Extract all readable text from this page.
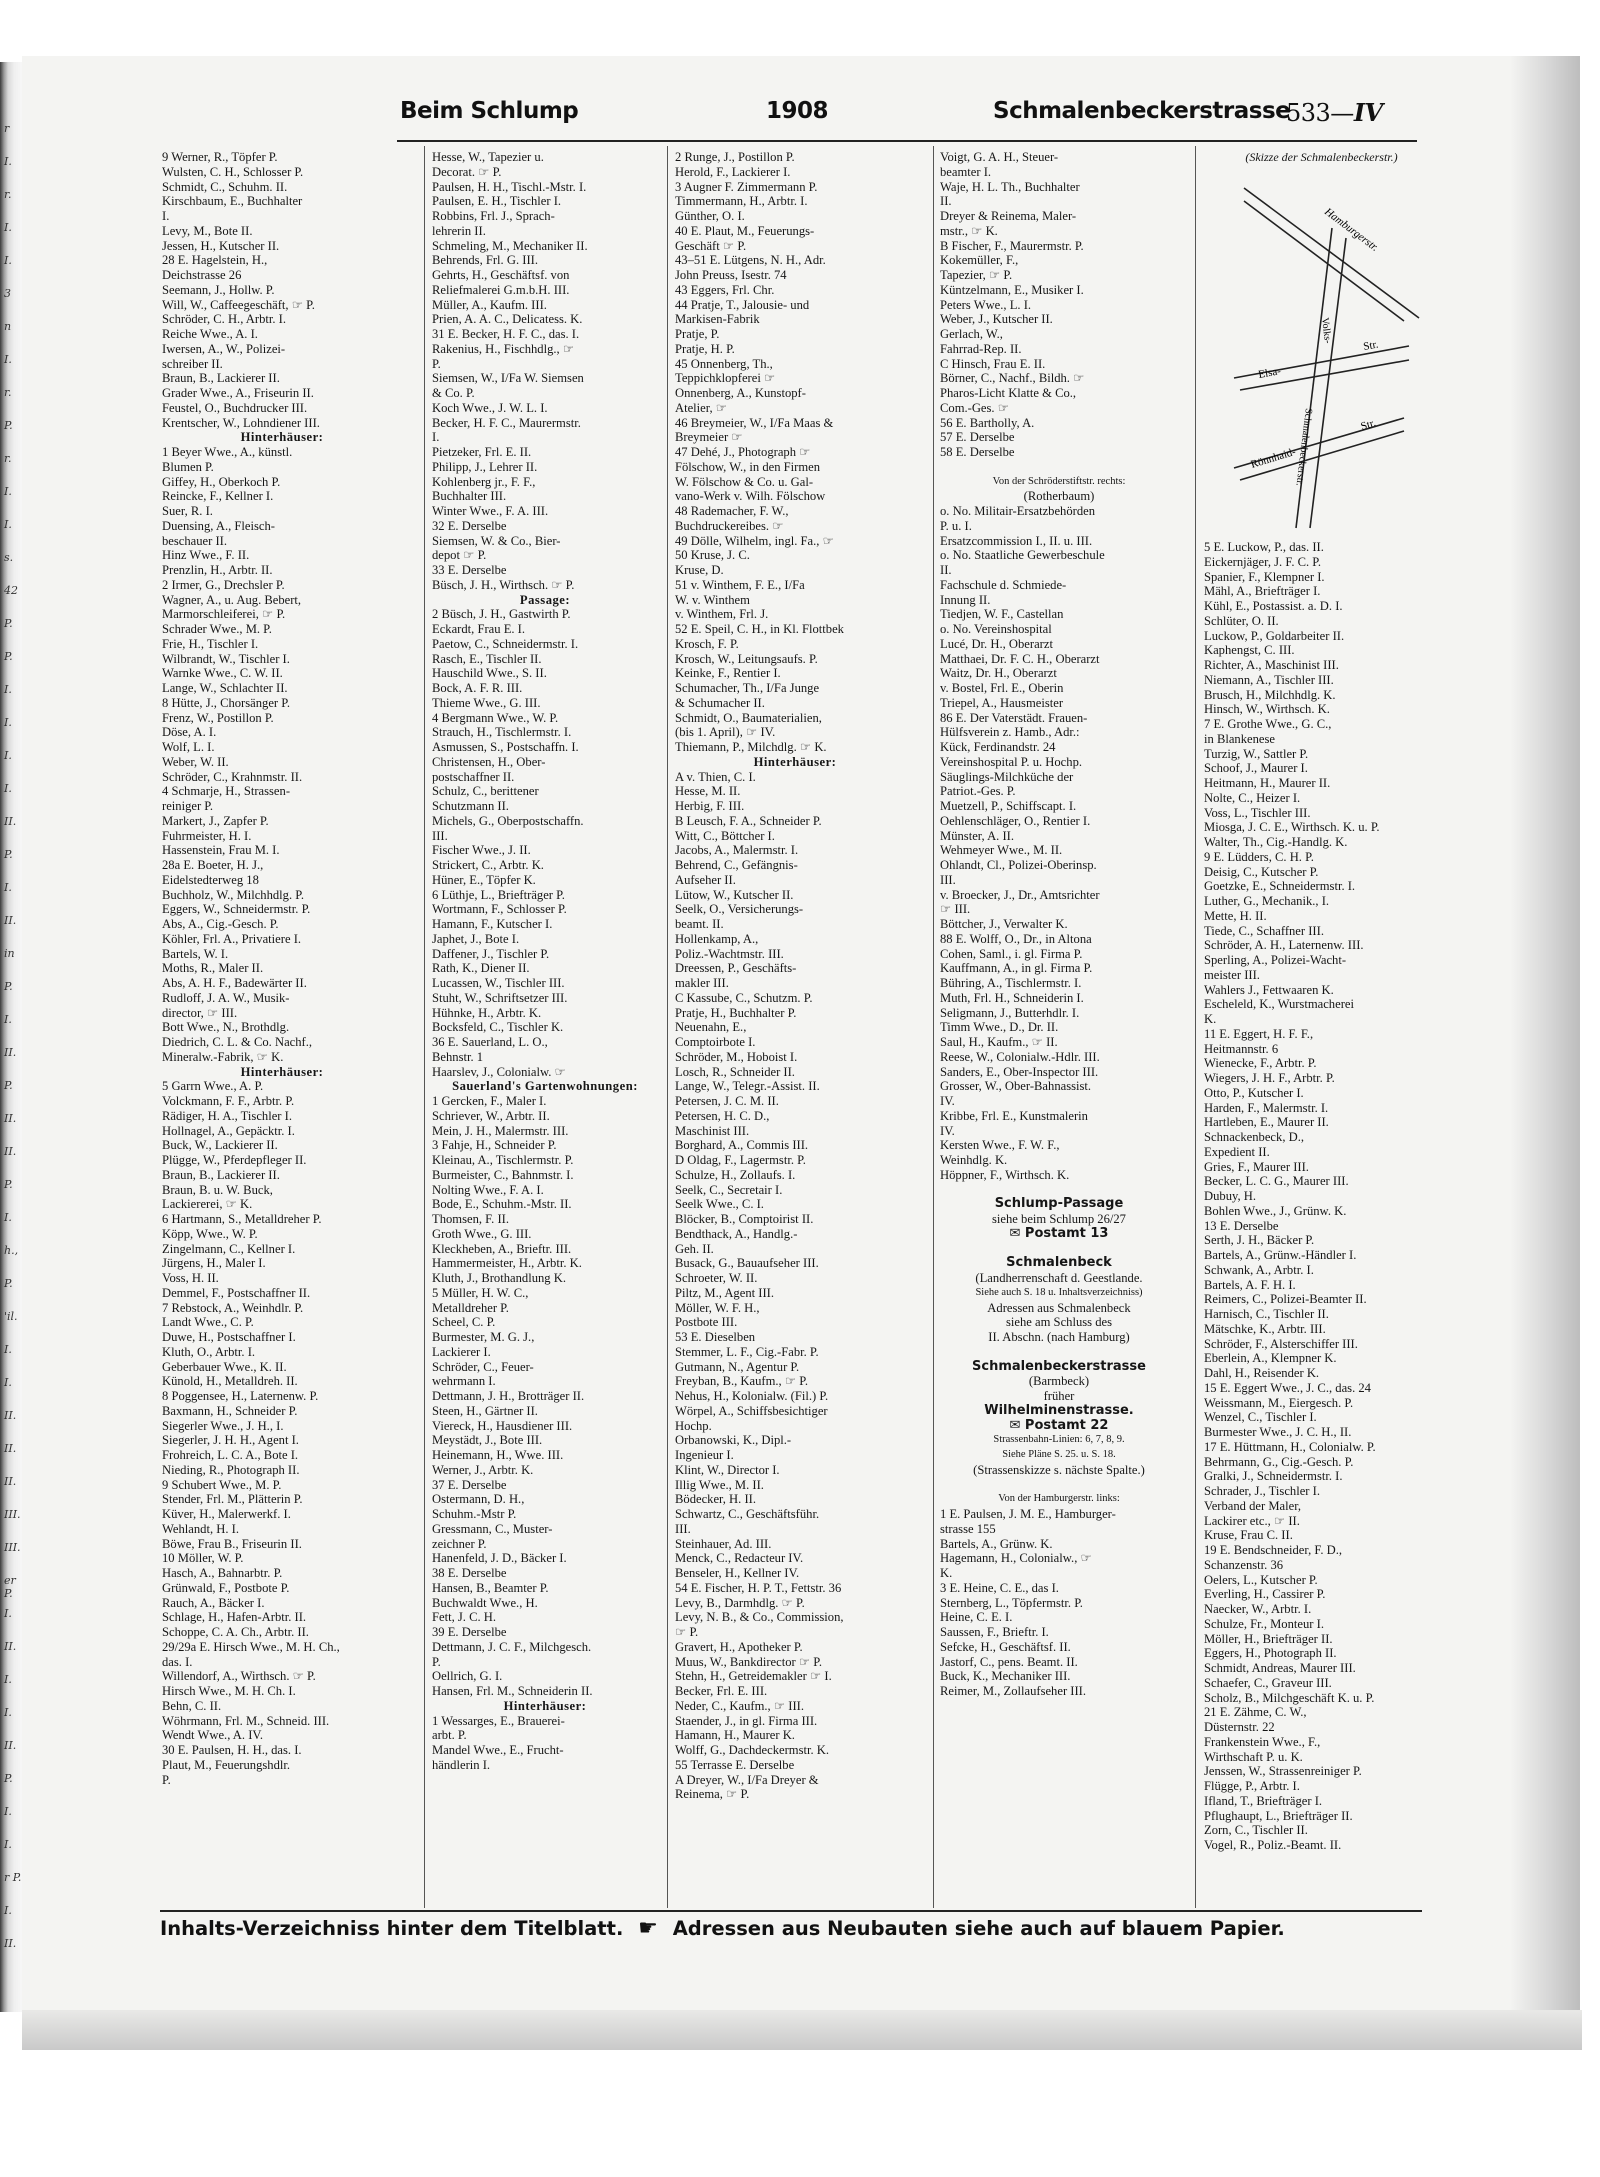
r
I.
r.
I.
I.
3
n
I.
r.
P.
r.
I.
I.
s.
42
P.
P.
I.
I.
I.
I.
II.
P.
I.
II.
in
P.
I.
II.
P.
II.
II.
P.
I.
h.,
P.
'il.
I.
I.
II.
II.
II.
III.
III.
er P.
I.
II.
I.
I.
II.
P.
I.
I.
r P.
I.
II.
Beim Schlump	1908	Schmalenbeckerstrasse
533—IV
9 Werner, R., Töpfer P.
Wulsten, C. H., Schlosser P.
Schmidt, C., Schuhm. II.
Kirschbaum, E., Buchhalter
I.
Levy, M., Bote II.
Jessen, H., Kutscher II.
28 E. Hagelstein, H.,
Deichstrasse 26
Seemann, J., Hollw. P.
Will, W., Caffeegeschäft, ☞ P.
Schröder, C. H., Arbtr. I.
Reiche Wwe., A. I.
Iwersen, A., W., Polizei-
schreiber II.
Braun, B., Lackierer II.
Grader Wwe., A., Friseurin II.
Feustel, O., Buchdrucker III.
Krentscher, W., Lohndiener III.
Hinterhäuser:
1 Beyer Wwe., A., künstl.
Blumen P.
Giffey, H., Oberkoch P.
Reincke, F., Kellner I.
Suer, R. I.
Duensing, A., Fleisch-
beschauer II.
Hinz Wwe., F. II.
Prenzlin, H., Arbtr. II.
2 Irmer, G., Drechsler P.
Wagner, A., u. Aug. Bebert,
Marmorschleiferei, ☞ P.
Schrader Wwe., M. P.
Frie, H., Tischler I.
Wilbrandt, W., Tischler I.
Warnke Wwe., C. W. II.
Lange, W., Schlachter II.
8 Hütte, J., Chorsänger P.
Frenz, W., Postillon P.
Döse, A. I.
Wolf, L. I.
Weber, W. II.
Schröder, C., Krahnmstr. II.
4 Schmarje, H., Strassen-
reiniger P.
Markert, J., Zapfer P.
Fuhrmeister, H. I.
Hassenstein, Frau M. I.
28a E. Boeter, H. J.,
Eidelstedterweg 18
Buchholz, W., Milchhdlg. P.
Eggers, W., Schneidermstr. P.
Abs, A., Cig.-Gesch. P.
Köhler, Frl. A., Privatiere I.
Bartels, W. I.
Moths, R., Maler II.
Abs, A. H. F., Badewärter II.
Rudloff, J. A. W., Musik-
director, ☞ III.
Bott Wwe., N., Brothdlg.
Diedrich, C. L. & Co. Nachf.,
Mineralw.-Fabrik, ☞ K.
Hinterhäuser:
5 Garrn Wwe., A. P.
Volckmann, F. F., Arbtr. P.
Rädiger, H. A., Tischler I.
Hollnagel, A., Gepäcktr. I.
Buck, W., Lackierer II.
Plügge, W., Pferdepfleger II.
Braun, B., Lackierer II.
Braun, B. u. W. Buck,
Lackiererei, ☞ K.
6 Hartmann, S., Metalldreher P.
Köpp, Wwe., W. P.
Zingelmann, C., Kellner I.
Jürgens, H., Maler I.
Voss, H. II.
Demmel, F., Postschaffner II.
7 Rebstock, A., Weinhdlr. P.
Landt Wwe., C. P.
Duwe, H., Postschaffner I.
Kluth, O., Arbtr. I.
Geberbauer Wwe., K. II.
Künold, H., Metalldreh. II.
8 Poggensee, H., Laternenw. P.
Baxmann, H., Schneider P.
Siegerler Wwe., J. H., I.
Siegerler, J. H. H., Agent I.
Frohreich, L. C. A., Bote I.
Nieding, R., Photograph II.
9 Schubert Wwe., M. P.
Stender, Frl. M., Plätterin P.
Küver, H., Malerwerkf. I.
Wehlandt, H. I.
Böwe, Frau B., Friseurin II.
10 Möller, W. P.
Hasch, A., Bahnarbtr. P.
Grünwald, F., Postbote P.
Rauch, A., Bäcker I.
Schlage, H., Hafen-Arbtr. II.
Schoppe, C. A. Ch., Arbtr. II.
29/29a E. Hirsch Wwe., M. H. Ch.,
das. I.
Willendorf, A., Wirthsch. ☞ P.
Hirsch Wwe., M. H. Ch. I.
Behn, C. II.
Wöhrmann, Frl. M., Schneid. III.
Wendt Wwe., A. IV.
30 E. Paulsen, H. H., das. I.
Plaut, M., Feuerungshdlr.
P.
Hesse, W., Tapezier u.
Decorat. ☞ P.
Paulsen, H. H., Tischl.-Mstr. I.
Paulsen, E. H., Tischler I.
Robbins, Frl. J., Sprach-
lehrerin II.
Schmeling, M., Mechaniker II.
Behrends, Frl. G. III.
Gehrts, H., Geschäftsf. von
Reliefmalerei G.m.b.H. III.
Müller, A., Kaufm. III.
Prien, A. A. C., Delicatess. K.
31 E. Becker, H. F. C., das. I.
Rakenius, H., Fischhdlg., ☞
P.
Siemsen, W., I/Fa W. Siemsen
& Co. P.
Koch Wwe., J. W. L. I.
Becker, H. F. C., Maurermstr.
I.
Pietzeker, Frl. E. II.
Philipp, J., Lehrer II.
Kohlenberg jr., F. F.,
Buchhalter III.
Winter Wwe., F. A. III.
32 E. Derselbe
Siemsen, W. & Co., Bier-
depot ☞ P.
33 E. Derselbe
Büsch, J. H., Wirthsch. ☞ P.
Passage:
2 Büsch, J. H., Gastwirth P.
Eckardt, Frau E. I.
Paetow, C., Schneidermstr. I.
Rasch, E., Tischler II.
Hauschild Wwe., S. II.
Bock, A. F. R. III.
Thieme Wwe., G. III.
4 Bergmann Wwe., W. P.
Strauch, H., Tischlermstr. I.
Asmussen, S., Postschaffn. I.
Christensen, H., Ober-
postschaffner II.
Schulz, C., berittener
Schutzmann II.
Michels, G., Oberpostschaffn.
III.
Fischer Wwe., J. II.
Strickert, C., Arbtr. K.
Hüner, E., Töpfer K.
6 Lüthje, L., Briefträger P.
Wortmann, F., Schlosser P.
Hamann, F., Kutscher I.
Japhet, J., Bote I.
Daffener, J., Tischler P.
Rath, K., Diener II.
Lucassen, W., Tischler III.
Stuht, W., Schriftsetzer III.
Hühnke, H., Arbtr. K.
Bocksfeld, C., Tischler K.
36 E. Sauerland, L. O.,
Behnstr. 1
Haarslev, J., Colonialw. ☞
Sauerland's Gartenwohnungen:
1 Gercken, F., Maler I.
Schriever, W., Arbtr. II.
Mein, J. H., Malermstr. III.
3 Fahje, H., Schneider P.
Kleinau, A., Tischlermstr. P.
Burmeister, C., Bahnmstr. I.
Nolting Wwe., F. A. I.
Bode, E., Schuhm.-Mstr. II.
Thomsen, F. II.
Groth Wwe., G. III.
Kleckheben, A., Brieftr. III.
Hammermeister, H., Arbtr. K.
Kluth, J., Brothandlung K.
5 Müller, H. W. C.,
Metalldreher P.
Scheel, C. P.
Burmester, M. G. J.,
Lackierer I.
Schröder, C., Feuer-
wehrmann I.
Dettmann, J. H., Brotträger II.
Steen, H., Gärtner II.
Viereck, H., Hausdiener III.
Meystädt, J., Bote III.
Heinemann, H., Wwe. III.
Werner, J., Arbtr. K.
37 E. Derselbe
Ostermann, D. H.,
Schuhm.-Mstr P.
Gressmann, C., Muster-
zeichner P.
Hanenfeld, J. D., Bäcker I.
38 E. Derselbe
Hansen, B., Beamter P.
Buchwaldt Wwe., H.
Fett, J. C. H.
39 E. Derselbe
Dettmann, J. C. F., Milchgesch.
P.
Oellrich, G. I.
Hansen, Frl. M., Schneiderin II.
Hinterhäuser:
1 Wessarges, E., Brauerei-
arbt. P.
Mandel Wwe., E., Frucht-
händlerin I.
2 Runge, J., Postillon P.
Herold, F., Lackierer I.
3 Augner F. Zimmermann P.
Timmermann, H., Arbtr. I.
Günther, O. I.
40 E. Plaut, M., Feuerungs-
Geschäft ☞ P.
43–51 E. Lütgens, N. H., Adr.
John Preuss, Isestr. 74
43 Eggers, Frl. Chr.
44 Pratje, T., Jalousie- und
Markisen-Fabrik
Pratje, P.
Pratje, H. P.
45 Onnenberg, Th.,
Teppichklopferei ☞
Onnenberg, A., Kunstopf-
Atelier, ☞
46 Breymeier, W., I/Fa Maas &
Breymeier ☞
47 Dehé, J., Photograph ☞
Fölschow, W., in den Firmen
W. Fölschow & Co. u. Gal-
vano-Werk v. Wilh. Fölschow
48 Rademacher, F. W.,
Buchdruckereibes. ☞
49 Dölle, Wilhelm, ingl. Fa., ☞
50 Kruse, J. C.
Kruse, D.
51 v. Winthem, F. E., I/Fa
W. v. Winthem
v. Winthem, Frl. J.
52 E. Speil, C. H., in Kl. Flottbek
Krosch, F. P.
Krosch, W., Leitungsaufs. P.
Keinke, F., Rentier I.
Schumacher, Th., I/Fa Junge
& Schumacher II.
Schmidt, O., Baumaterialien,
(bis 1. April), ☞ IV.
Thiemann, P., Milchdlg. ☞ K.
Hinterhäuser:
A v. Thien, C. I.
Hesse, M. II.
Herbig, F. III.
B Leusch, F. A., Schneider P.
Witt, C., Böttcher I.
Jacobs, A., Malermstr. I.
Behrend, C., Gefängnis-
Aufseher II.
Lütow, W., Kutscher II.
Seelk, O., Versicherungs-
beamt. II.
Hollenkamp, A.,
Poliz.-Wachtmstr. III.
Dreessen, P., Geschäfts-
makler III.
C Kassube, C., Schutzm. P.
Pratje, H., Buchhalter P.
Neuenahn, E.,
Comptoirbote I.
Schröder, M., Hoboist I.
Losch, R., Schneider II.
Lange, W., Telegr.-Assist. II.
Petersen, J. C. M. II.
Petersen, H. C. D.,
Maschinist III.
Borghard, A., Commis III.
D Oldag, F., Lagermstr. P.
Schulze, H., Zollaufs. I.
Seelk, C., Secretair I.
Seelk Wwe., C. I.
Blöcker, B., Comptoirist II.
Bendthack, A., Handlg.-
Geh. II.
Busack, G., Bauaufseher III.
Schroeter, W. II.
Piltz, M., Agent III.
Möller, W. F. H.,
Postbote III.
53 E. Dieselben
Stemmer, L. F., Cig.-Fabr. P.
Gutmann, N., Agentur P.
Freyban, B., Kaufm., ☞ P.
Nehus, H., Kolonialw. (Fil.) P.
Wörpel, A., Schiffsbesichtiger
Hochp.
Orbanowski, K., Dipl.-
Ingenieur I.
Klint, W., Director I.
Illig Wwe., M. II.
Bödecker, H. II.
Schwartz, C., Geschäftsführ.
III.
Steinhauer, Ad. III.
Menck, C., Redacteur IV.
Benseler, H., Kellner IV.
54 E. Fischer, H. P. T., Fettstr. 36
Levy, B., Darmhdlg. ☞ P.
Levy, N. B., & Co., Commission,
☞ P.
Gravert, H., Apotheker P.
Muus, W., Bankdirector ☞ P.
Stehn, H., Getreidemakler ☞ I.
Becker, Frl. E. III.
Neder, C., Kaufm., ☞ III.
Staender, J., in gl. Firma III.
Hamann, H., Maurer K.
Wolff, G., Dachdeckermstr. K.
55 Terrasse E. Derselbe
A Dreyer, W., I/Fa Dreyer &
Reinema, ☞ P.
Voigt, G. A. H., Steuer-
beamter I.
Waje, H. L. Th., Buchhalter
II.
Dreyer & Reinema, Maler-
mstr., ☞ K.
B Fischer, F., Maurermstr. P.
Kokemüller, F.,
Tapezier, ☞ P.
Küntzelmann, E., Musiker I.
Peters Wwe., L. I.
Weber, J., Kutscher II.
Gerlach, W.,
Fahrrad-Rep. II.
C Hinsch, Frau E. II.
Börner, C., Nachf., Bildh. ☞
Pharos-Licht Klatte & Co.,
Com.-Ges. ☞
56 E. Bartholly, A.
57 E. Derselbe
58 E. Derselbe
Von der Schröderstiftstr. rechts:
(Rotherbaum)
o. No. Militair-Ersatzbehörden
P. u. I.
Ersatzcommission I., II. u. III.
o. No. Staatliche Gewerbeschule
II.
Fachschule d. Schmiede-
Innung II.
Tiedjen, W. F., Castellan
o. No. Vereinshospital
Lucé, Dr. H., Oberarzt
Matthaei, Dr. F. C. H., Oberarzt
Waitz, Dr. H., Oberarzt
v. Bostel, Frl. E., Oberin
Triepel, A., Hausmeister
86 E. Der Vaterstädt. Frauen-
Hülfsverein z. Hamb., Adr.:
Kück, Ferdinandstr. 24
Vereinshospital P. u. Hochp.
Säuglings-Milchküche der
Patriot.-Ges. P.
Muetzell, P., Schiffscapt. I.
Oehlenschläger, O., Rentier I.
Münster, A. II.
Wehmeyer Wwe., M. II.
Ohlandt, Cl., Polizei-Oberinsp.
III.
v. Broecker, J., Dr., Amtsrichter
☞ III.
Böttcher, J., Verwalter K.
88 E. Wolff, O., Dr., in Altona
Cohen, Saml., i. gl. Firma P.
Kauffmann, A., in gl. Firma P.
Bühring, A., Tischlermstr. I.
Muth, Frl. H., Schneiderin I.
Seligmann, J., Butterhdlr. I.
Timm Wwe., D., Dr. II.
Saul, H., Kaufm., ☞ II.
Reese, W., Colonialw.-Hdlr. III.
Sanders, E., Ober-Inspector III.
Grosser, W., Ober-Bahnassist.
IV.
Kribbe, Frl. E., Kunstmalerin
IV.
Kersten Wwe., F. W. F.,
Weinhdlg. K.
Höppner, F., Wirthsch. K.
Schlump-Passage
siehe beim Schlump 26/27
✉ Postamt 13
Schmalenbeck
(Landherrenschaft d. Geestlande.
Siehe auch S. 18 u. Inhaltsverzeichniss)
Adressen aus Schmalenbeck
siehe am Schluss des
II. Abschn. (nach Hamburg)
Schmalenbeckerstrasse
(Barmbeck)
früher
Wilhelminenstrasse.
✉ Postamt 22
Strassenbahn-Linien: 6, 7, 8, 9.
Siehe Pläne S. 25. u. S. 18.
(Strassenskizze s. nächste Spalte.)
Von der Hamburgerstr. links:
1 E. Paulsen, J. M. E., Hamburger-
strasse 155
Bartels, A., Grünw. K.
Hagemann, H., Colonialw., ☞
K.
3 E. Heine, C. E., das I.
Sternberg, L., Töpfermstr. P.
Heine, C. E. I.
Saussen, F., Brieftr. I.
Sefcke, H., Geschäftsf. II.
Jastorf, C., pens. Beamt. II.
Buck, K., Mechaniker III.
Reimer, M., Zollaufseher III.
(Skizze der Schmalenbeckerstr.)
Hamburgerstr.
Elsa-
Volks-
Str.
Rönnhaid-
Str.
Schmalenbeckerstr.
5 E. Luckow, P., das. II.
Eickernjäger, J. F. C. P.
Spanier, F., Klempner I.
Mähl, A., Briefträger I.
Kühl, E., Postassist. a. D. I.
Schlüter, O. II.
Luckow, P., Goldarbeiter II.
Kaphengst, C. III.
Richter, A., Maschinist III.
Niemann, A., Tischler III.
Brusch, H., Milchhdlg. K.
Hinsch, W., Wirthsch. K.
7 E. Grothe Wwe., G. C.,
in Blankenese
Turzig, W., Sattler P.
Schoof, J., Maurer I.
Heitmann, H., Maurer II.
Nolte, C., Heizer I.
Voss, L., Tischler III.
Miosga, J. C. E., Wirthsch. K. u. P.
Walter, Th., Cig.-Handlg. K.
9 E. Lüdders, C. H. P.
Deisig, C., Kutscher P.
Goetzke, E., Schneidermstr. I.
Luther, G., Mechanik., I.
Mette, H. II.
Tiede, C., Schaffner III.
Schröder, A. H., Laternenw. III.
Sperling, A., Polizei-Wacht-
meister III.
Wahlers J., Fettwaaren K.
Escheleld, K., Wurstmacherei
K.
11 E. Eggert, H. F. F.,
Heitmannstr. 6
Wienecke, F., Arbtr. P.
Wiegers, J. H. F., Arbtr. P.
Otto, P., Kutscher I.
Harden, F., Malermstr. I.
Hartleben, E., Maurer II.
Schnackenbeck, D.,
Expedient II.
Gries, F., Maurer III.
Becker, L. C. G., Maurer III.
Dubuy, H.
Bohlen Wwe., J., Grünw. K.
13 E. Derselbe
Serth, J. H., Bäcker P.
Bartels, A., Grünw.-Händler I.
Schwank, A., Arbtr. I.
Bartels, A. F. H. I.
Reimers, C., Polizei-Beamter II.
Harnisch, C., Tischler II.
Mätschke, K., Arbtr. III.
Schröder, F., Alsterschiffer III.
Eberlein, A., Klempner K.
Dahl, H., Reisender K.
15 E. Eggert Wwe., J. C., das. 24
Weissmann, M., Eiergesch. P.
Wenzel, C., Tischler I.
Burmester Wwe., J. C. H., II.
17 E. Hüttmann, H., Colonialw. P.
Behrmann, G., Cig.-Gesch. P.
Gralki, J., Schneidermstr. I.
Schrader, J., Tischler I.
Verband der Maler,
Lackirer etc., ☞ II.
Kruse, Frau C. II.
19 E. Bendschneider, F. D.,
Schanzenstr. 36
Oelers, L., Kutscher P.
Everling, H., Cassirer P.
Naecker, W., Arbtr. I.
Schulze, Fr., Monteur I.
Möller, H., Briefträger II.
Eggers, H., Photograph II.
Schmidt, Andreas, Maurer III.
Schaefer, C., Graveur III.
Scholz, B., Milchgeschäft K. u. P.
21 E. Zähme, C. W.,
Düsternstr. 22
Frankenstein Wwe., F.,
Wirthschaft P. u. K.
Jenssen, W., Strassenreiniger P.
Flügge, P., Arbtr. I.
Ifland, T., Briefträger I.
Pflughaupt, L., Briefträger II.
Zorn, C., Tischler II.
Vogel, R., Poliz.-Beamt. II.
Inhalts-Verzeichniss hinter dem Titelblatt. ☛ Adressen aus Neubauten siehe auch auf blauem Papier.
